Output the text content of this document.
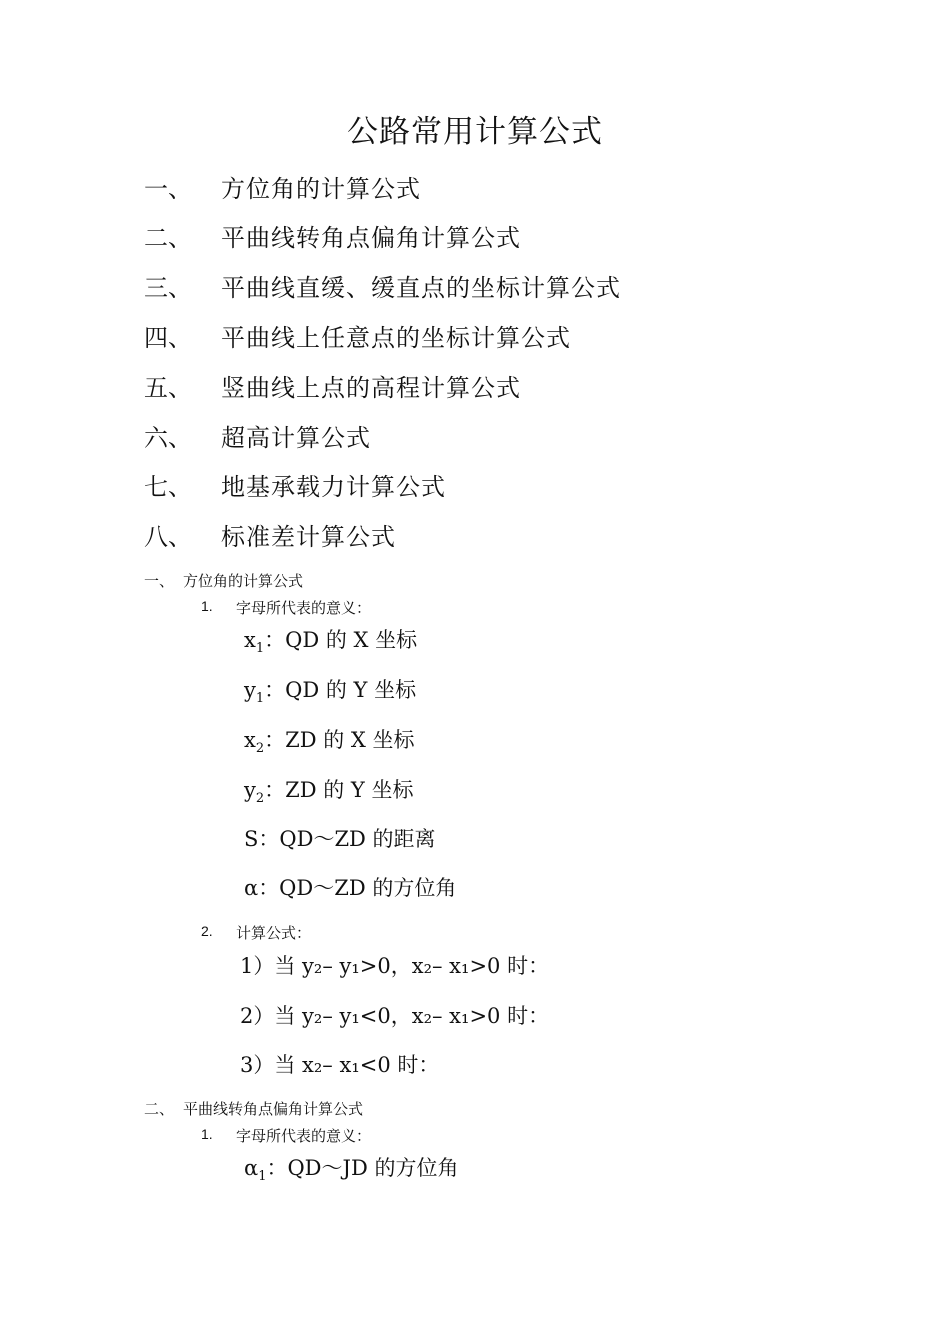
公路常用计算公式
一、 方位角的计算公式
二、 平曲线转角点偏角计算公式
三、 平曲线直缓、缓直点的坐标计算公式
四、 平曲线上任意点的坐标计算公式
五、 竖曲线上点的高程计算公式
六、 超高计算公式
七、 地基承载力计算公式
八、 标准差计算公式
一、 方位角的计算公式
1. 字母所代表的意义：
$x_1$：QD 的 X 坐标
$y_1$：QD 的 Y 坐标
$x_2$：ZD 的 X 坐标
$y_2$：ZD 的 Y 坐标
S：QD～ZD 的距离
α：QD～ZD 的方位角
2. 计算公式：
1）当 y₂– y₁>0，x₂– x₁>0 时：
2）当 y₂– y₁<0，x₂– x₁>0 时：
3）当 x₂– x₁<0 时：
二、 平曲线转角点偏角计算公式
1. 字母所代表的意义：
$\alpha_1$：QD～JD 的方位角
